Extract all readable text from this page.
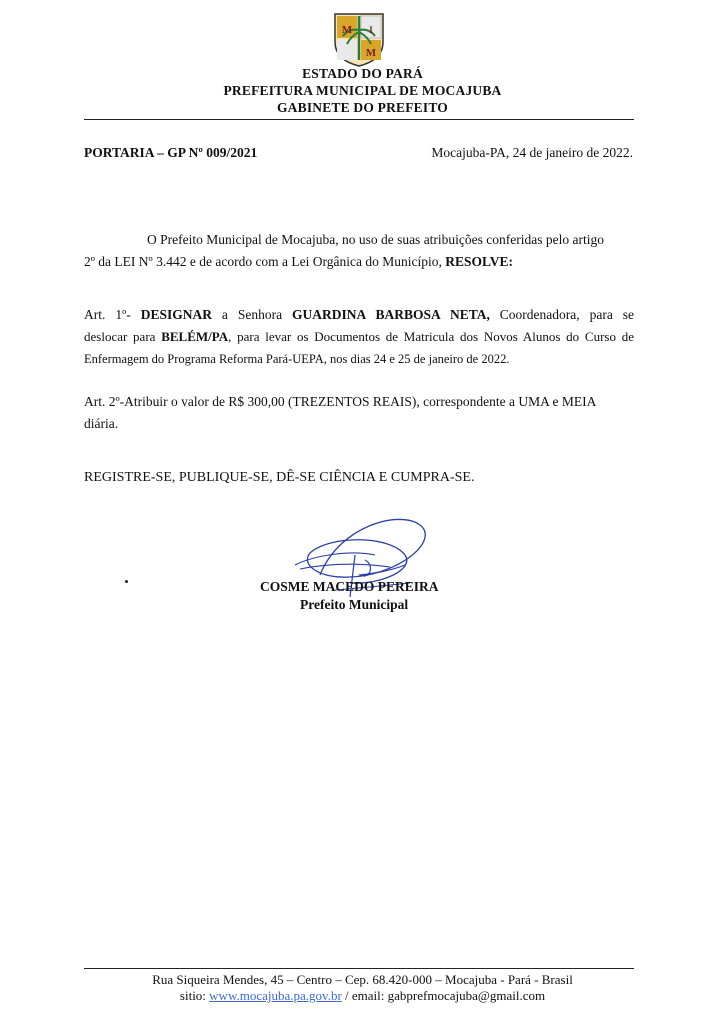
M I
M
ESTADO DO PARÁ
PREFEITURA MUNICIPAL DE MOCAJUBA
GABINETE DO PREFEITO
PORTARIA – GP Nº 009/2021	Mocajuba-PA, 24 de janeiro de 2022.
O Prefeito Municipal de Mocajuba, no uso de suas atribuições conferidas pelo artigo
2º da LEI Nº 3.442 e de acordo com a Lei Orgânica do Município, RESOLVE:
Art. 1º- DESIGNAR a Senhora GUARDINA BARBOSA NETA, Coordenadora, para se
deslocar para BELÉM/PA, para levar os Documentos de Matricula dos Novos Alunos do Curso de
Enfermagem do Programa Reforma Pará-UEPA, nos dias 24 e 25 de janeiro de 2022.
Art. 2º-Atribuir o valor de R$ 300,00 (TREZENTOS REAIS), correspondente a UMA e MEIA
diária.
REGISTRE-SE, PUBLIQUE-SE, DÊ-SE CIÊNCIA E CUMPRA-SE.
COSME MACEDO PEREIRA
Prefeito Municipal
Rua Siqueira Mendes, 45 – Centro – Cep. 68.420-000 – Mocajuba - Pará - Brasil
sitio: www.mocajuba.pa.gov.br / email: gabprefmocajuba@gmail.com
